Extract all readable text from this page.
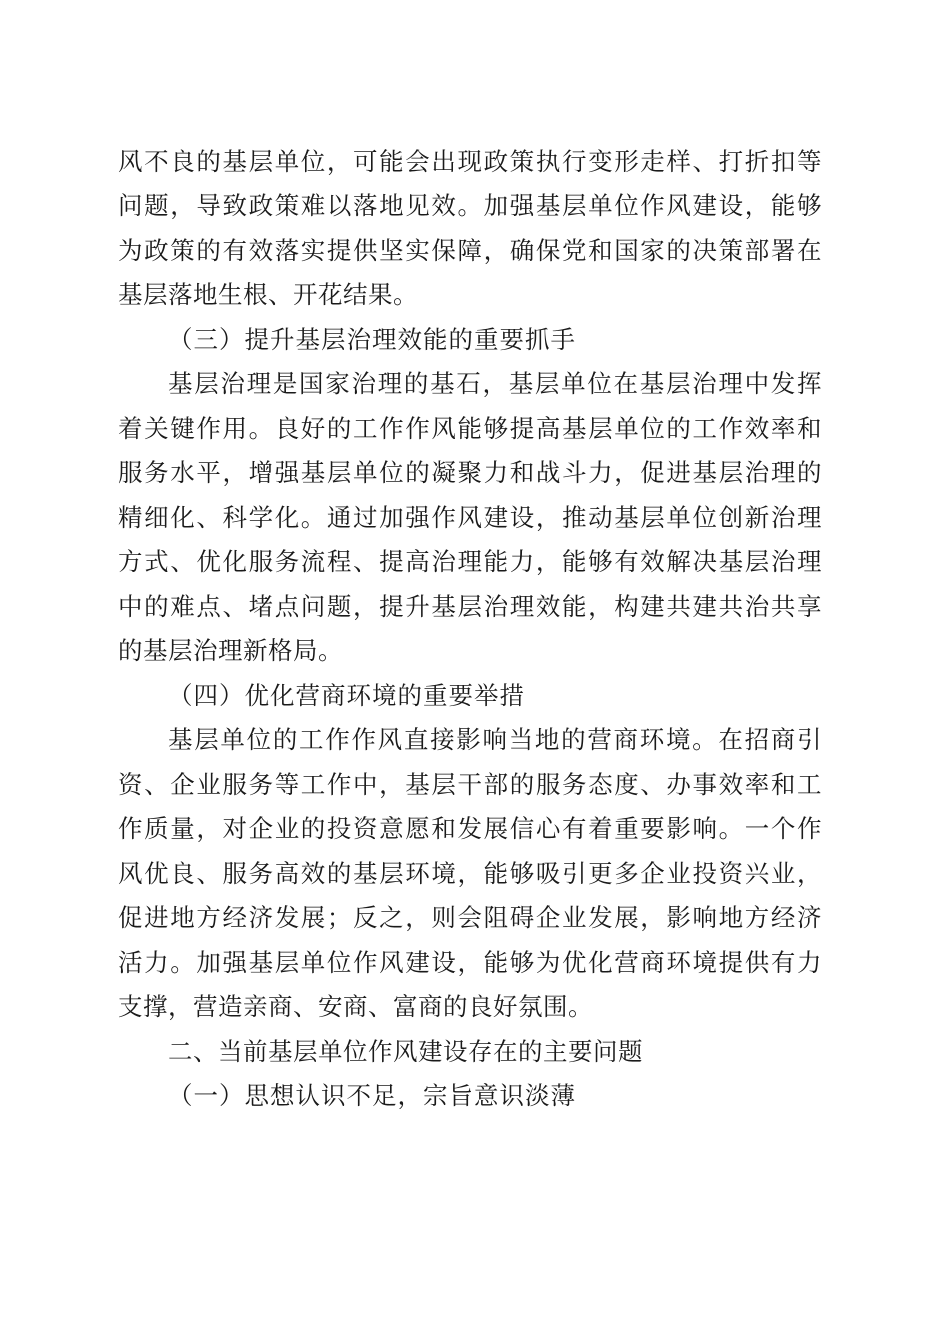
风不良的基层单位，可能会出现政策执行变形走样、打折扣等
问题，导致政策难以落地见效。加强基层单位作风建设，能够
为政策的有效落实提供坚实保障，确保党和国家的决策部署在
基层落地生根、开花结果。
（三）提升基层治理效能的重要抓手
基层治理是国家治理的基石，基层单位在基层治理中发挥
着关键作用。良好的工作作风能够提高基层单位的工作效率和
服务水平，增强基层单位的凝聚力和战斗力，促进基层治理的
精细化、科学化。通过加强作风建设，推动基层单位创新治理
方式、优化服务流程、提高治理能力，能够有效解决基层治理
中的难点、堵点问题，提升基层治理效能，构建共建共治共享
的基层治理新格局。
（四）优化营商环境的重要举措
基层单位的工作作风直接影响当地的营商环境。在招商引
资、企业服务等工作中，基层干部的服务态度、办事效率和工
作质量，对企业的投资意愿和发展信心有着重要影响。一个作
风优良、服务高效的基层环境，能够吸引更多企业投资兴业，
促进地方经济发展；反之，则会阻碍企业发展，影响地方经济
活力。加强基层单位作风建设，能够为优化营商环境提供有力
支撑，营造亲商、安商、富商的良好氛围。
二、当前基层单位作风建设存在的主要问题
（一）思想认识不足，宗旨意识淡薄
